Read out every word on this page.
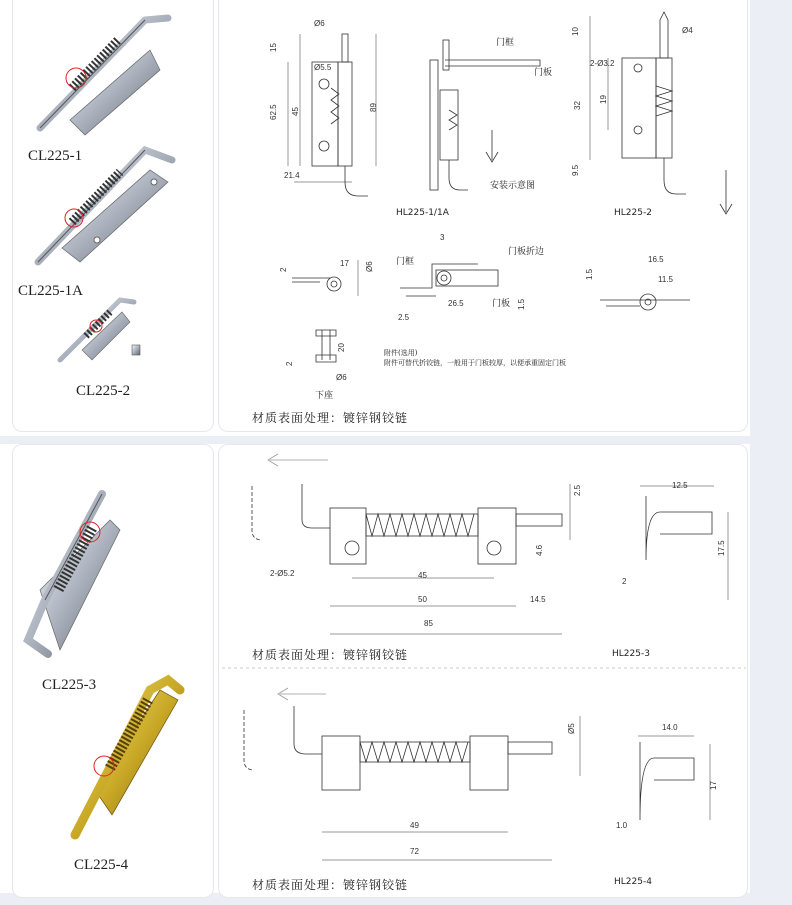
CL225-1
CL225-1A
CL225-2
CL225-3
CL225-4
HL225-1/1A	HL225-2
HL225-3
HL225-4
材质表面处理：镀锌钢铰链
材质表面处理：镀锌钢铰链
材质表面处理：镀锌钢铰链
门框
门板
安装示意图
门框
门板折边
门板
附件(选用)
附件可替代折铰链，一般用于门板较厚，以便承重固定门板
下座
Ø6
15
Ø5.5
62.5 45	89
21.4
10	Ø4
2-Ø3.2
32
19
9.5
2
17 Ø6
3
26.5	1.5
2.5
16.5
11.5
1.5
2
20
Ø6
2.5
2-Ø5.2
4.6
45
50	14.5
85
12.5
17.5
2
Ø5
49
72
14.0
17
1.0
